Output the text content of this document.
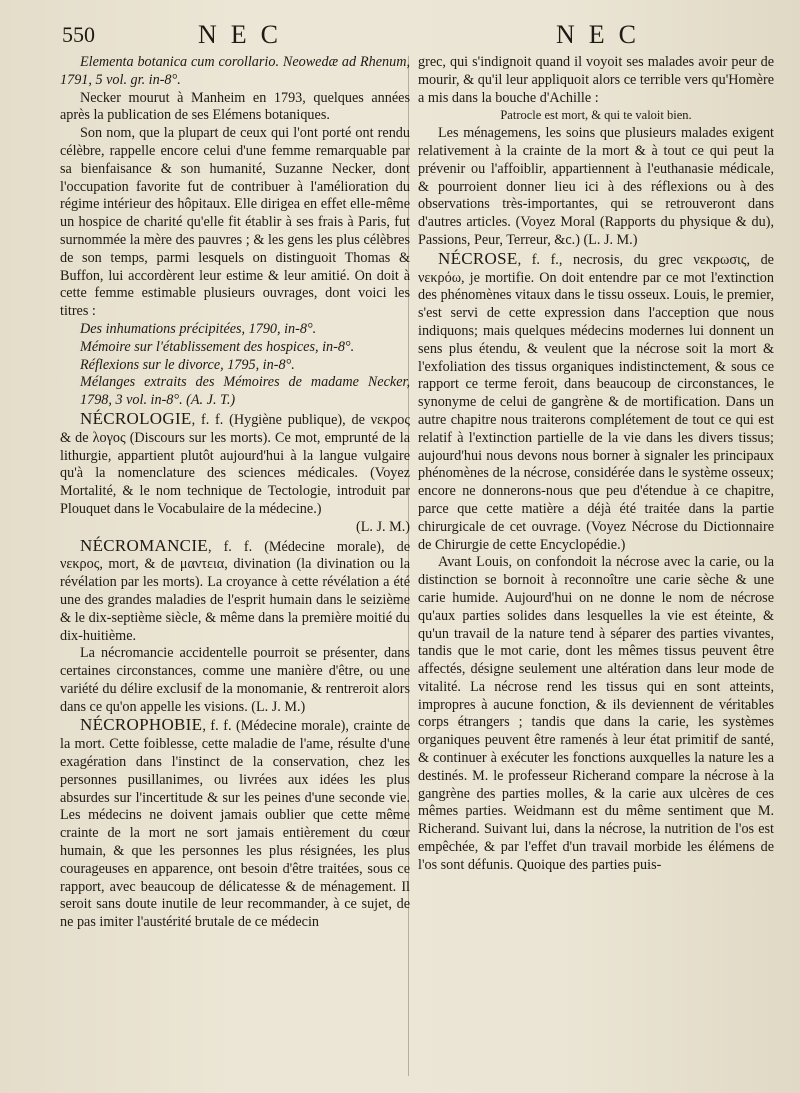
550	NEC	NEC

Elementa botanica cum corollario. Neowedæ ad Rhenum, 1791, 5 vol. gr. in-8°.

Necker mourut à Manheim en 1793, quelques années après la publication de ses Elémens botaniques.

Son nom, que la plupart de ceux qui l'ont porté ont rendu célèbre, rappelle encore celui d'une femme remarquable par sa bienfaisance & son humanité, Suzanne Necker, dont l'occupation favorite fut de contribuer à l'amélioration du régime intérieur des hôpitaux. Elle dirigea en effet elle-même un hospice de charité qu'elle fit établir à ses frais à Paris, fut surnommée la mère des pauvres ; & les gens les plus célèbres de son temps, parmi lesquels on distinguoit Thomas & Buffon, lui accordèrent leur estime & leur amitié. On doit à cette femme estimable plusieurs ouvrages, dont voici les titres :

Des inhumations précipitées, 1790, in-8°.

Mémoire sur l'établissement des hospices, in-8°.

Réflexions sur le divorce, 1795, in-8°.

Mélanges extraits des Mémoires de madame Necker, 1798, 3 vol. in-8°. (A. J. T.)

NÉCROLOGIE, f. f. (Hygiène publique), de νεκρος & de λογος (Discours sur les morts). Ce mot, emprunté de la lithurgie, appartient plutôt aujourd'hui à la langue vulgaire qu'à la nomenclature des sciences médicales. (Voyez Mortalité, & le nom technique de Tectologie, introduit par Plouquet dans le Vocabulaire de la médecine.)

(L. J. M.)

NÉCROMANCIE, f. f. (Médecine morale), de νεκρος, mort, & de μαντεια, divination (la divination ou la révélation par les morts). La croyance à cette révélation a été une des grandes maladies de l'esprit humain dans le seizième & le dix-septième siècle, & même dans la première moitié du dix-huitième.

La nécromancie accidentelle pourroit se présenter, dans certaines circonstances, comme une manière d'être, ou une variété du délire exclusif de la monomanie, & rentreroit alors dans ce qu'on appelle les visions. (L. J. M.)

NÉCROPHOBIE, f. f. (Médecine morale), crainte de la mort. Cette foiblesse, cette maladie de l'ame, résulte d'une exagération dans l'instinct de la conservation, chez les personnes pusillanimes, ou livrées aux idées les plus absurdes sur l'incertitude & sur les peines d'une seconde vie. Les médecins ne doivent jamais oublier que cette même crainte de la mort ne sort jamais entièrement du cœur humain, & que les personnes les plus résignées, les plus courageuses en apparence, ont besoin d'être traitées, sous ce rapport, avec beaucoup de délicatesse & de ménagement. Il seroit sans doute inutile de leur recommander, à ce sujet, de ne pas imiter l'austérité brutale de ce médecin

grec, qui s'indignoit quand il voyoit ses malades avoir peur de mourir, & qu'il leur appliquoit alors ce terrible vers qu'Homère a mis dans la bouche d'Achille :

Patrocle est mort, & qui te valoit bien.

Les ménagemens, les soins que plusieurs malades exigent relativement à la crainte de la mort & à tout ce qui peut la prévenir ou l'affoiblir, appartiennent à l'euthanasie médicale, & pourroient donner lieu ici à des réflexions ou à des observations très-importantes, qui se retrouveront dans d'autres articles. (Voyez Moral (Rapports du physique & du), Passions, Peur, Terreur, &c.) (L. J. M.)

NÉCROSE, f. f., necrosis, du grec νεκρωσις, de νεκρόω, je mortifie. On doit entendre par ce mot l'extinction des phénomènes vitaux dans le tissu osseux. Louis, le premier, s'est servi de cette expression dans l'acception que nous indiquons; mais quelques médecins modernes lui donnent un sens plus étendu, & veulent que la nécrose soit la mort & l'exfoliation des tissus organiques indistinctement, & sous ce rapport ce terme feroit, dans beaucoup de circonstances, le synonyme de celui de gangrène & de mortification. Dans un autre chapitre nous traiterons complétement de tout ce qui est relatif à l'extinction partielle de la vie dans les divers tissus; aujourd'hui nous devons nous borner à signaler les principaux phénomènes de la nécrose, considérée dans le système osseux; encore ne donnerons-nous que peu d'étendue à ce chapitre, parce que cette matière a déjà été traitée dans la partie chirurgicale de cet ouvrage. (Voyez Nécrose du Dictionnaire de Chirurgie de cette Encyclopédie.)

Avant Louis, on confondoit la nécrose avec la carie, ou la distinction se bornoit à reconnoître une carie sèche & une carie humide. Aujourd'hui on ne donne le nom de nécrose qu'aux parties solides dans lesquelles la vie est éteinte, & qu'un travail de la nature tend à séparer des parties vivantes, tandis que le mot carie, dont les mêmes tissus peuvent être affectés, désigne seulement une altération dans leur mode de vitalité. La nécrose rend les tissus qui en sont atteints, impropres à aucune fonction, & ils deviennent de véritables corps étrangers ; tandis que dans la carie, les systèmes organiques peuvent être ramenés à leur état primitif de santé, & continuer à exécuter les fonctions auxquelles la nature les a destinés. M. le professeur Richerand compare la nécrose à la gangrène des parties molles, & la carie aux ulcères de ces mêmes parties. Weidmann est du même sentiment que M. Richerand. Suivant lui, dans la nécrose, la nutrition de l'os est empêchée, & par l'effet d'un travail morbide les élémens de l'os sont défunis. Quoique des parties puis-
